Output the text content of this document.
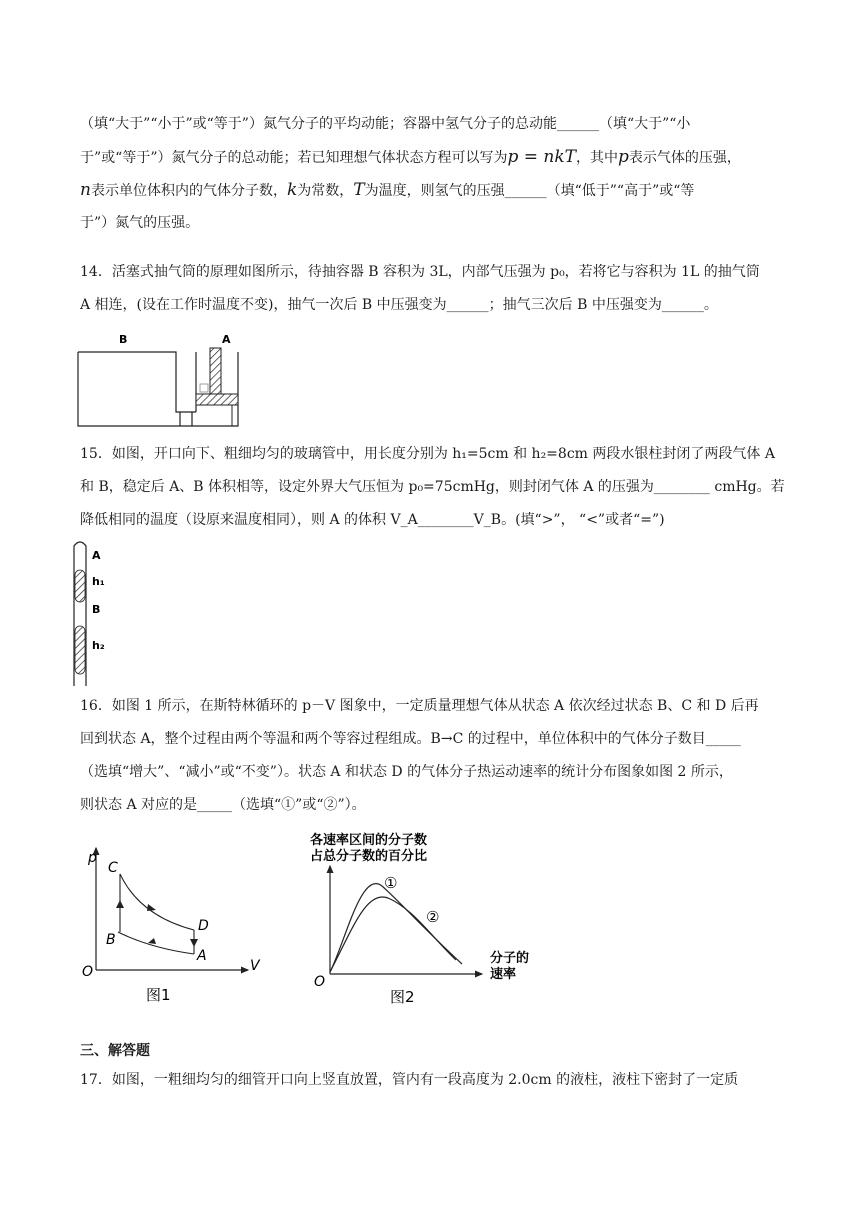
（填“大于”“小于”或“等于”）氮气分子的平均动能；容器中氢气分子的总动能______（填“大于”“小
于”或“等于”）氮气分子的总动能；若已知理想气体状态方程可以写为p = nkT，其中p表示气体的压强，
n表示单位体积内的气体分子数，k为常数，T为温度，则氢气的压强______（填“低于”“高于”或“等
于”）氮气的压强。
14．活塞式抽气筒的原理如图所示，待抽容器 B 容积为 3L，内部气压强为 p₀，若将它与容积为 1L 的抽气筒
A 相连，(设在工作时温度不变)，抽气一次后 B 中压强变为______；抽气三次后 B 中压强变为______。
B	A
15．如图，开口向下、粗细均匀的玻璃管中，用长度分别为 h₁=5cm 和 h₂=8cm 两段水银柱封闭了两段气体 A
和 B，稳定后 A、B 体积相等，设定外界大气压恒为 p₀=75cmHg，则封闭气体 A 的压强为________ cmHg。若
降低相同的温度（设原来温度相同），则 A 的体积 V_A________V_B。(填“>”， “<”或者“=”)
A
h₁
B
h₂
16．如图 1 所示，在斯特林循环的 p－V 图象中，一定质量理想气体从状态 A 依次经过状态 B、C 和 D 后再
回到状态 A，整个过程由两个等温和两个等容过程组成。B→C 的过程中，单位体积中的气体分子数目_____
（选填“增大”、“减小”或“不变”）。状态 A 和状态 D 的气体分子热运动速率的统计分布图象如图 2 所示，
则状态 A 对应的是_____（选填“①”或“②”）。
p
V
O
C
D
B
A
图1
各速率区间的分子数
占总分子数的百分比
①
②
分子的
速率
O
图2
三、解答题
17．如图，一粗细均匀的细管开口向上竖直放置，管内有一段高度为 2.0cm 的液柱，液柱下密封了一定质
